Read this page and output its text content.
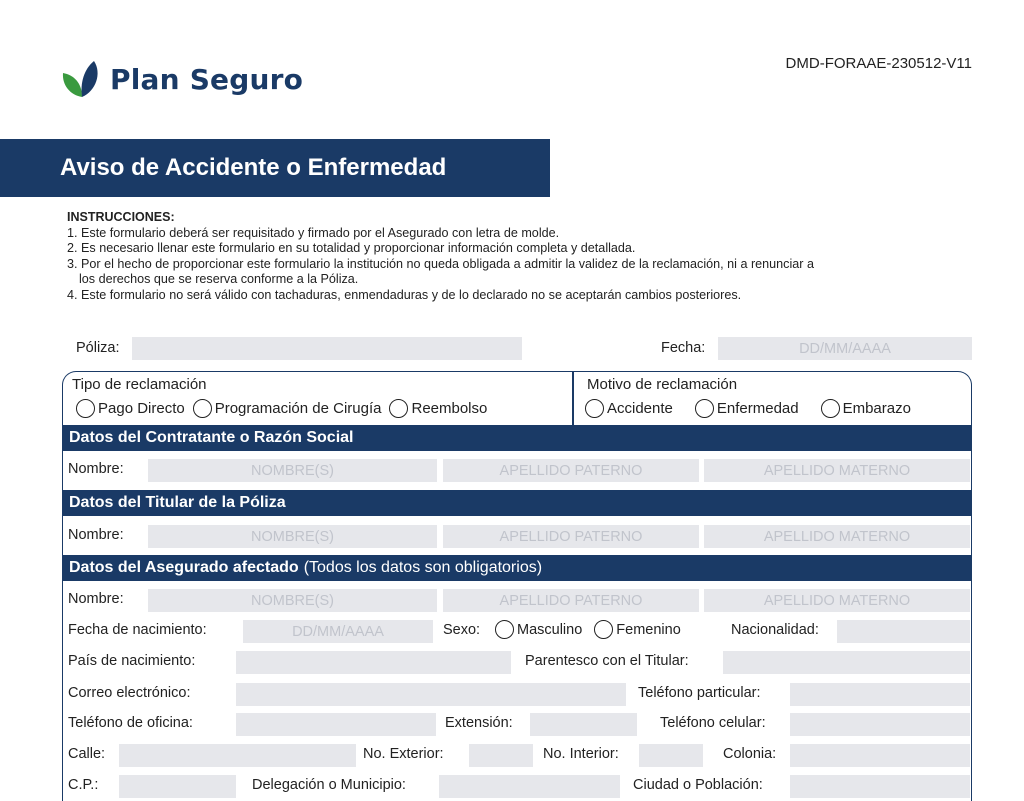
Plan Seguro	DMD-FORAAE-230512-V11
Aviso de Accidente o Enfermedad
INSTRUCCIONES:
1. Este formulario deberá ser requisitado y firmado por el Asegurado con letra de molde.
2. Es necesario llenar este formulario en su totalidad y proporcionar información completa y detallada.
3. Por el hecho de proporcionar este formulario la institución no queda obligada a admitir la validez de la reclamación, ni a renunciar a
los derechos que se reserva conforme a la Póliza.
4. Este formulario no será válido con tachaduras, enmendaduras y de lo declarado no se aceptarán cambios posteriores.
Póliza:	Fecha:	DD/MM/AAAA
Tipo de reclamación
Pago Directo Programación de Cirugía Reembolso
Motivo de reclamación
Accidente	Enfermedad	Embarazo
Datos del Contratante o Razón Social
Nombre:	NOMBRE(S)	APELLIDO PATERNO	APELLIDO MATERNO
Datos del Titular de la Póliza
Nombre:	NOMBRE(S)	APELLIDO PATERNO	APELLIDO MATERNO
Datos del Asegurado afectado (Todos los datos son obligatorios)
Nombre:	NOMBRE(S)	APELLIDO PATERNO	APELLIDO MATERNO
Fecha de nacimiento:	DD/MM/AAAA	Sexo:	Masculino Femenino	Nacionalidad:
País de nacimiento:	Parentesco con el Titular:
Correo electrónico:	Teléfono particular:
Teléfono de oficina:	Extensión:	Teléfono celular:
Calle:	No. Exterior:	No. Interior:	Colonia:
C.P.:	Delegación o Municipio:	Ciudad o Población:
